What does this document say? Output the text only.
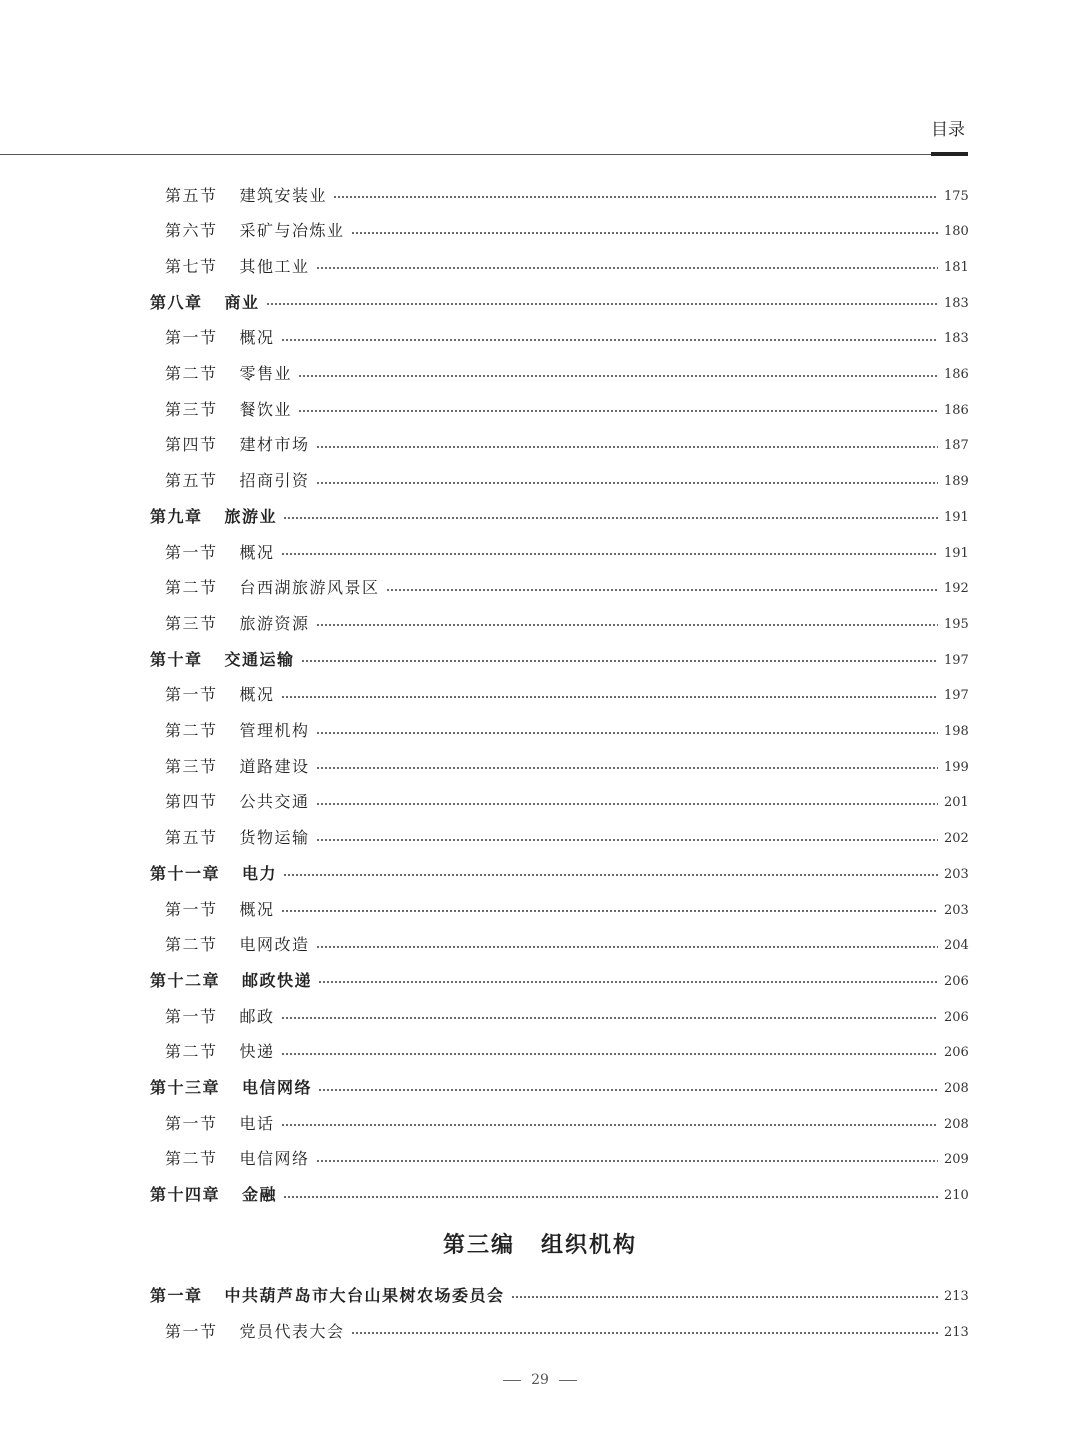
目录
第五节 建筑安装业	175
第六节 采矿与冶炼业	180
第七节 其他工业	181
第八章 商业	183
第一节 概况	183
第二节 零售业	186
第三节 餐饮业	186
第四节 建材市场	187
第五节 招商引资	189
第九章 旅游业	191
第一节 概况	191
第二节 台西湖旅游风景区	192
第三节 旅游资源	195
第十章 交通运输	197
第一节 概况	197
第二节 管理机构	198
第三节 道路建设	199
第四节 公共交通	201
第五节 货物运输	202
第十一章 电力	203
第一节 概况	203
第二节 电网改造	204
第十二章 邮政快递	206
第一节 邮政	206
第二节 快递	206
第十三章 电信网络	208
第一节 电话	208
第二节 电信网络	209
第十四章 金融	210
第三编 组织机构
第一章 中共葫芦岛市大台山果树农场委员会	213
第一节 党员代表大会	213
29
